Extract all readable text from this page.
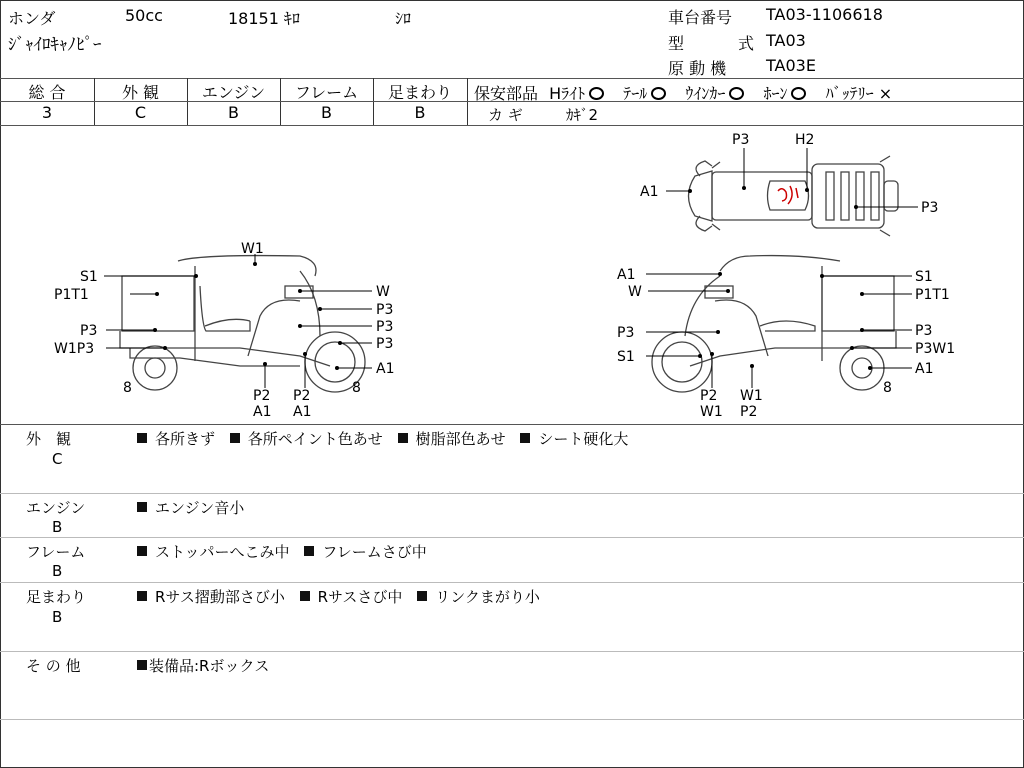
ホンダ	50cc	18151 ｷﾛ	ｼﾛ
ｼﾞｬｲﾛｷｬﾉﾋﾟｰ
車台番号 TA03-1106618
型	式 TA03
原 動 機 TA03E
総 合	外 観	エンジン	フレーム	足まわり
3	C	B	B	B
保安部品 Hﾗｲﾄ ﾃｰﾙ ｳｲﾝｶｰ ﾎｰﾝ ﾊﾞｯﾃﾘｰ ×
カ ギ	ｶｷﾞ2
P3	H2
A1
P3
W1
S1
P1T1
P3
W1P3
W
P3
P3
P3
A1
8	P2
A1
P2
A1
8
A1
W
P3
S1
S1
P1T1
P3
P3W1
A1
P2
W1
W1
P2
8
外　観
C
各所きず 各所ペイント色あせ 樹脂部色あせ シート硬化大
エンジン
B
エンジン音小
フレーム
B
ストッパーへこみ中 フレームさび中
足まわり
B
Rサス摺動部さび小 Rサスさび中 リンクまがり小
そ の 他	装備品:Rボックス
